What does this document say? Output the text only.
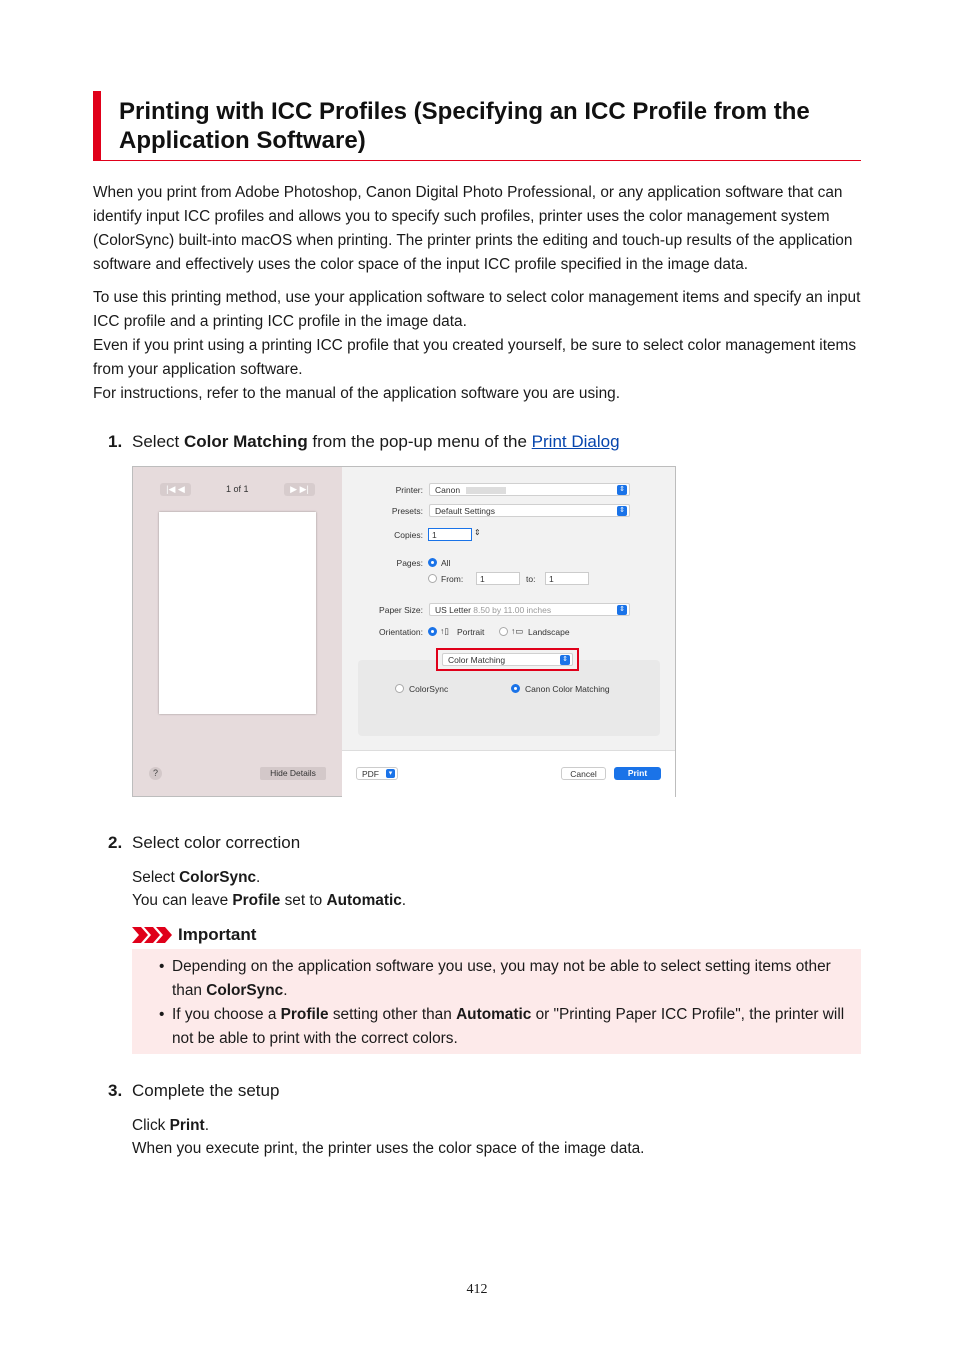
Printing with ICC Profiles (Specifying an ICC Profile from the Application Software)

When you print from Adobe Photoshop, Canon Digital Photo Professional, or any application software that can identify input ICC profiles and allows you to specify such profiles, printer uses the color management system (ColorSync) built-into macOS when printing. The printer prints the editing and touch-up results of the application software and effectively uses the color space of the input ICC profile specified in the image data.

To use this printing method, use your application software to select color management items and specify an input ICC profile and a printing ICC profile in the image data.

Even if you print using a printing ICC profile that you created yourself, be sure to select color management items from your application software.

For instructions, refer to the manual of the application software you are using.

1. Select Color Matching from the pop-up menu of the Print Dialog
|◀ ◀	1 of 1	▶ ▶|
?	Hide Details
Printer:	Canon	⇕
Presets:	Default Settings	⇕
Copies:	1	⇕
Pages: All
From:	1	to:	1
Paper Size:	US Letter 8.50 by 11.00 inches	⇕
Orientation: ↑▯ Portrait	↑▭ Landscape
ColorSync	Canon Color Matching
Color Matching	⇕
PDF	▾	Cancel	Print
2. Select color correction

Select ColorSync.

You can leave Profile set to Automatic.

Important
• Depending on the application software you use, you may not be able to select setting items other than ColorSync.
• If you choose a Profile setting other than Automatic or "Printing Paper ICC Profile", the printer will not be able to print with the correct colors.
3. Complete the setup

Click Print.

When you execute print, the printer uses the color space of the image data.

412
